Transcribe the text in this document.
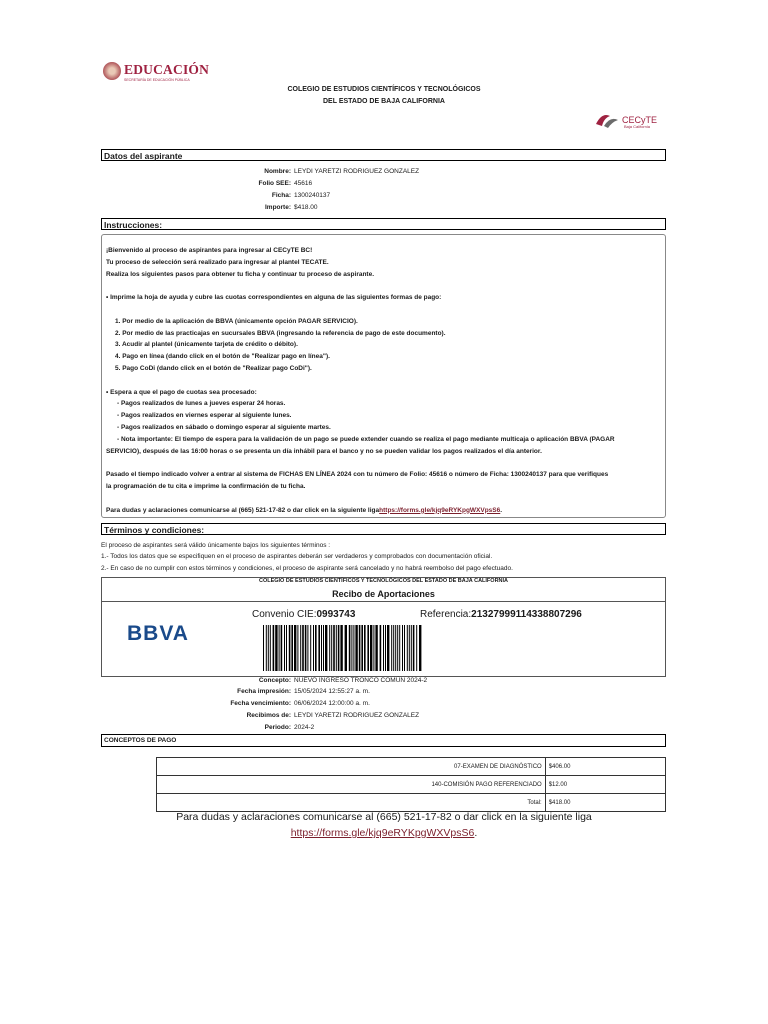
EDUCACIÓN
SECRETARÍA DE EDUCACIÓN PÚBLICA
COLEGIO DE ESTUDIOS CIENTÍFICOS Y TECNOLÓGICOS
DEL ESTADO DE BAJA CALIFORNIA
CECyTE
Baja California
Datos del aspirante
Nombre: LEYDI YARETZI RODRIGUEZ GONZALEZ
Folio SEE: 45616
Ficha: 1300240137
Importe: $418.00
Instrucciones:

¡Bienvenido al proceso de aspirantes para ingresar al CECyTE BC!

Tu proceso de selección será realizado para ingresar al plantel TECATE.

Realiza los siguientes pasos para obtener tu ficha y continuar tu proceso de aspirante.

• Imprime la hoja de ayuda y cubre las cuotas correspondientes en alguna de las siguientes formas de pago:

1. Por medio de la aplicación de BBVA (únicamente opción PAGAR SERVICIO).

2. Por medio de las practicajas en sucursales BBVA (ingresando la referencia de pago de este documento).

3. Acudir al plantel (únicamente tarjeta de crédito o débito).

4. Pago en línea (dando click en el botón de "Realizar pago en línea").

5. Pago CoDi (dando click en el botón de "Realizar pago CoDi").

• Espera a que el pago de cuotas sea procesado:

- Pagos realizados de lunes a jueves esperar 24 horas.

- Pagos realizados en viernes esperar al siguiente lunes.

- Pagos realizados en sábado o domingo esperar al siguiente martes.

- Nota importante: El tiempo de espera para la validación de un pago se puede extender cuando se realiza el pago mediante multicaja o aplicación BBVA (PAGAR

SERVICIO), después de las 16:00 horas o se presenta un día inhábil para el banco y no se pueden validar los pagos realizados el día anterior.

Pasado el tiempo indicado volver a entrar al sistema de FICHAS EN LÍNEA 2024 con tu número de Folio: 45616 o número de Ficha: 1300240137 para que verifiques

la programación de tu cita e imprime la confirmación de tu ficha.

Para dudas y aclaraciones comunicarse al (665) 521-17-82 o dar click en la siguiente ligahttps://forms.gle/kjq9eRYKpgWXVpsS6.

Términos y condiciones:

El proceso de aspirantes será válido únicamente bajos los siguientes términos :

1.- Todos los datos que se especifiquen en el proceso de aspirantes deberán ser verdaderos y comprobados con documentación oficial.

2.- En caso de no cumplir con estos términos y condiciones, el proceso de aspirante será cancelado y no habrá reembolso del pago efectuado.

COLEGIO DE ESTUDIOS CIENTÍFICOS Y TECNOLÓGICOS DEL ESTADO DE BAJA CALIFORNIA
Recibo de Aportaciones
BBVA
Convenio CIE:0993743	Referencia:21327999114338807296
Concepto: NUEVO INGRESO TRONCO COMÚN 2024-2
Fecha impresión: 15/05/2024 12:55:27 a. m.
Fecha vencimiento: 06/06/2024 12:00:00 a. m.
Recibimos de: LEYDI YARETZI RODRIGUEZ GONZALEZ
Periodo: 2024-2
CONCEPTOS DE PAGO
07-EXAMEN DE DIAGNÓSTICO	$406.00
140-COMISIÓN PAGO REFERENCIADO	$12.00
Total:	$418.00
Para dudas y aclaraciones comunicarse al (665) 521-17-82 o dar click en la siguiente liga
https://forms.gle/kjq9eRYKpgWXVpsS6.
